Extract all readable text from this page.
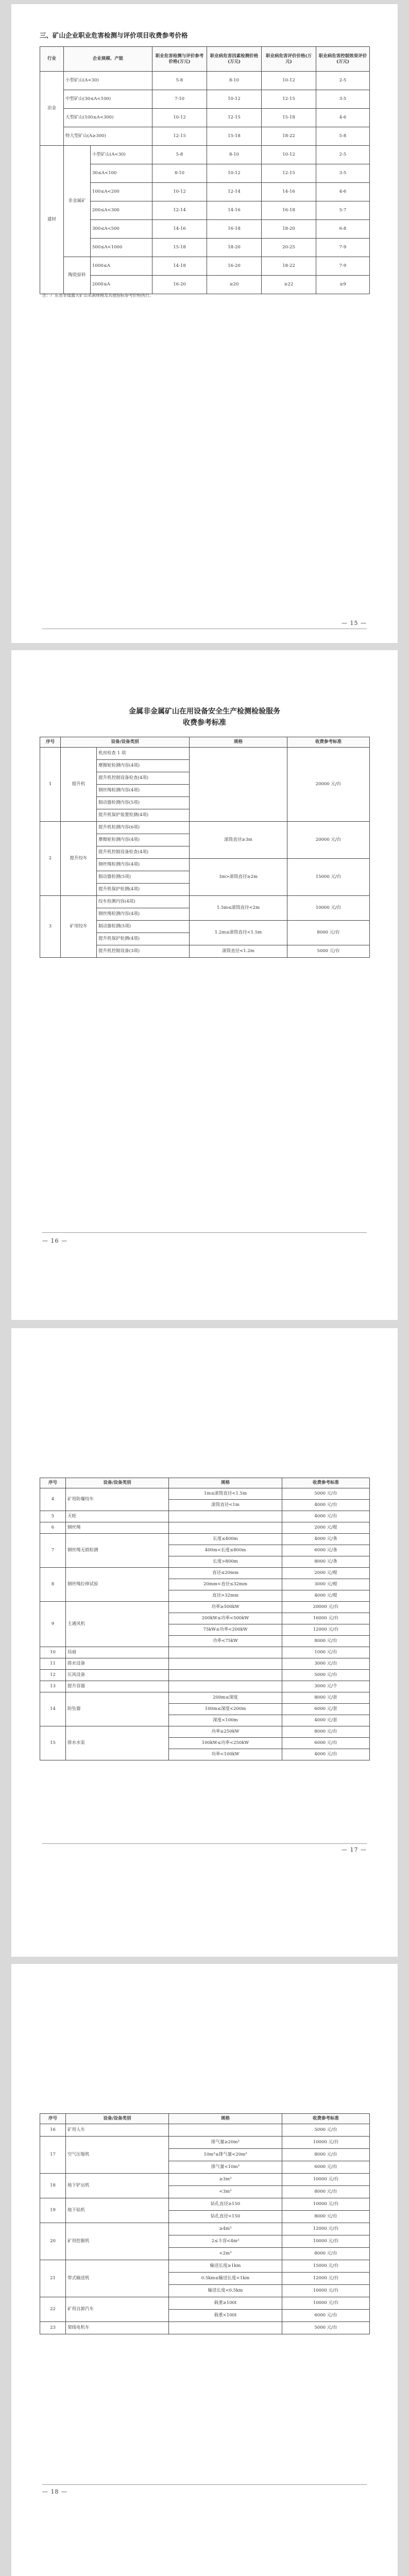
三、矿山企业职业危害检测与评价项目收费参考价格
行业	企业规模、产能		职业危害检测与评价参考价格(万元)	职业病危害因素检测价格(万元)	职业病危害评价价格(万元)	职业病危害控制效果评价(万元)
冶金	小型矿山(A<30)		5-8	8-10	10-12	2-5
	中型矿山(30≤A<100)		7-10	10-12	12-15	3-5
	大型矿山(100≤A<300)		10-12	12-15	15-18	4-6
	特大型矿山(A≥300)		12-15	15-18	18-22	5-8
建材	非金属矿	小型矿山(A<30)	5-8	8-10	10-12	2-5
		30≤A<100	8-10	10-12	12-15	3-5
		100≤A<200	10-12	12-14	14-16	4-6
		200≤A<300	12-14	14-16	16-18	5-7
		300≤A<500	14-16	16-18	18-20	6-8
		500≤A<1000	15-18	18-20	20-25	7-9
	陶瓷原料	1000≤A	14-18	16-20	18-22	7-9
		2000≤A	16-20	≥20	≥22	≥9
注：广东省非煤露天矿山采剥规模及其他指标参考价格执行。
— 15 —
金属非金属矿山在用设备安全生产检测检验服务
收费参考标准
序号	设备/设备类别		规格	收费参考标准
1	提升机	机房检查 1 项		20000 元/台
		摩擦轮检测内容(4项)		
		提升机控制设备检查(4项)		
		钢丝绳检测内容(4项)		
		制动器检测内容(5项)		
		提升机保护装置检测(4项)		
2	提升绞车	提升机检测内容(6项)	滚筒直径≥3m	20000 元/台
		摩擦轮检测内容(4项)		
		提升机控制设备检查(4项)		
		钢丝绳检测内容(4项)	3m>滚筒直径≥2m	15000 元/台
		制动器检测(5项)		
		提升机保护检测(4项)		
3	矿用绞车	绞车检测内容(4项)	1.5m≤滚筒直径<2m	10000 元/台
		钢丝绳检测内容(4项)		
		制动器检测(5项)	1.2m≤滚筒直径<1.5m	8000 元/台
		提升机保护检测(4项)		
		提升机控制设备(3项)	滚筒直径<1.2m	5000 元/台
— 16 —
序号	设备/设备类别	规格	收费参考标准
4	矿用防爆绞车	1m≤滚筒直径<1.5m	5000 元/台
		滚筒直径<1m	4000 元/台
5	天轮		4000 元/台
6	钢丝绳		2000 元/根
7	钢丝绳无损检测	长度≤400m	4000 元/条
		400m<长度≤800m	6000 元/条
		长度>800m	8000 元/条
8	钢丝绳拉伸试验	直径≤20mm	2000 元/根
		20mm<直径≤32mm	3000 元/根
		直径>32mm	4000 元/根
9	主通风机	功率≥500kW	20000 元/台
		200kW≤功率<500kW	16000 元/台
		75kW≤功率<200kW	12000 元/台
		功率<75kW	8000 元/台
10	局扇		1000 元/台
11	排水设备		3000 元/台
12	压风设备		5000 元/台
13	提升容器		3000 元/个
14	防坠器	200m≤深度	8000 元/套
		100m≤深度<200m	6000 元/套
		深度<100m	4000 元/套
15	排水水泵	功率≥250kW	8000 元/台
		100kW≤功率<250kW	6000 元/台
		功率<100kW	4000 元/台
— 17 —
序号	设备/设备类别	规格	收费参考标准
16	矿用人车		5000 元/台
17	空气压缩机	排气量≥20m³	10000 元/台
		10m³≤排气量<20m³	8000 元/台
		排气量<10m³	6000 元/台
18	地下铲运机	≥3m³	10000 元/台
		<3m³	8000 元/台
19	地下钻机	钻孔直径≥150	10000 元/台
		钻孔直径<150	8000 元/台
20	矿用挖掘机	≥4m³	12000 元/台
		2≤斗容<4m³	10000 元/台
		<2m³	8000 元/台
21	带式输送机	输送长度≥1km	15000 元/台
		0.5km≤输送长度<1km	12000 元/台
		输送长度<0.5km	10000 元/台
22	矿用自卸汽车	载重≥100t	10000 元/台
		载重<100t	6000 元/台
23	架线电机车		5000 元/台
— 18 —
